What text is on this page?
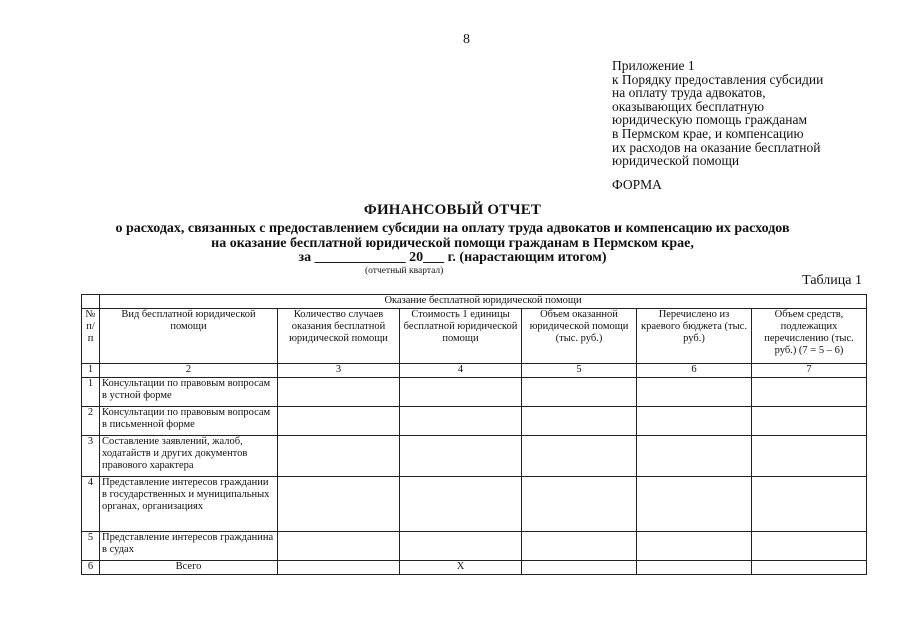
8
Приложение 1
к Порядку предоставления субсидии
на оплату труда адвокатов,
оказывающих бесплатную
юридическую помощь гражданам
в Пермском крае, и компенсацию
их расходов на оказание бесплатной
юридической помощи
ФОРМА
ФИНАНСОВЫЙ ОТЧЕТ
о расходах, связанных с предоставлением субсидии на оплату труда адвокатов и компенсацию их расходов
на оказание бесплатной юридической помощи гражданам в Пермском крае,
за _____________ 20___ г. (нарастающим итогом)
(отчетный квартал)
Таблица 1
	Оказание бесплатной юридической помощи					
№ п/п	Вид бесплатной юридической помощи	Количество случаев оказания бесплатной юридической помощи	Стоимость 1 единицы бесплатной юридической помощи	Объем оказанной юридической помощи (тыс. руб.)	Перечислено из краевого бюджета (тыс. руб.)	Объем средств, подлежащих перечислению (тыс. руб.) (7 = 5 – 6)
1	2	3	4	5	6	7
1	Консультации по правовым вопросам в устной форме					
2	Консультации по правовым вопросам в письменной форме					
3	Составление заявлений, жалоб, ходатайств и других документов правового характера					
4	Представление интересов граждании в государственных и муниципальных органах, организациях					
5	Представление интересов гражданина в судах					
6	Всего		X			
